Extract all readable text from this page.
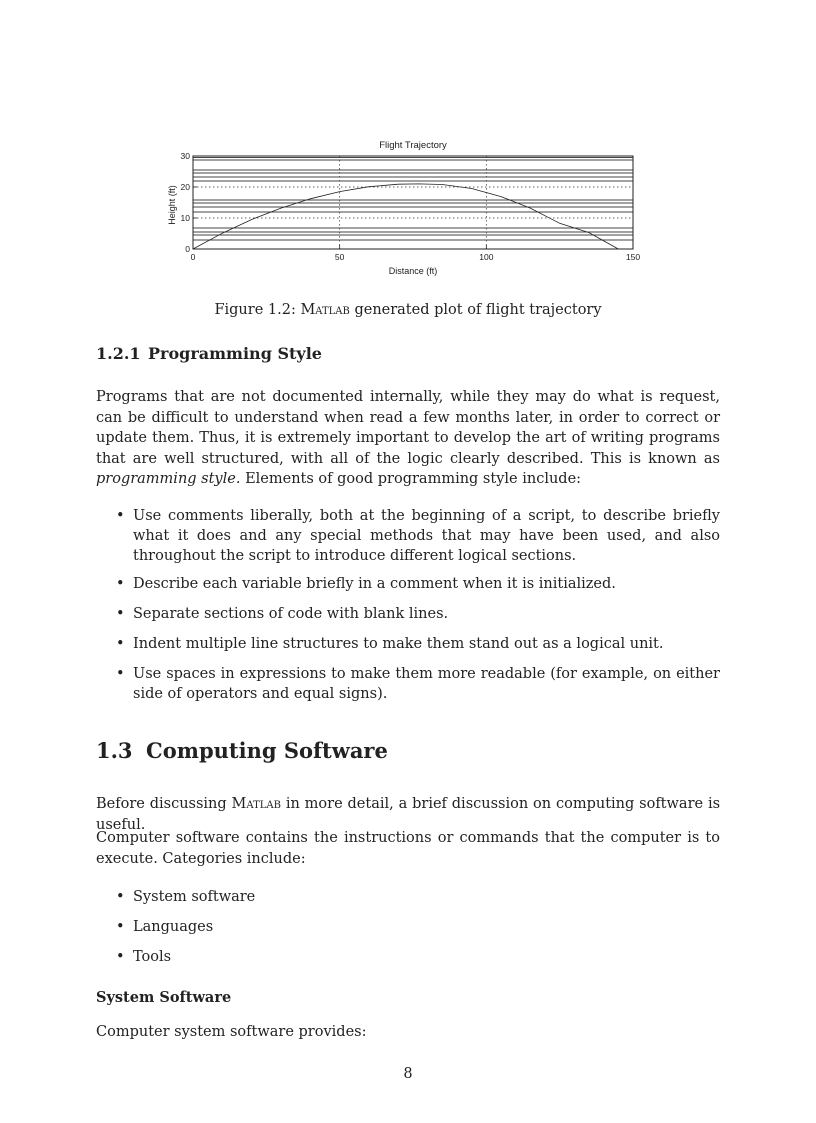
Flight Trajectory
Height (ft)
Distance (ft)
0	50	100	150
0
10
20
30
Figure 1.2: Matlab generated plot of flight trajectory
1.2.1 Programming Style

Programs that are not documented internally, while they may do what is request, can be difficult to understand when read a few months later, in order to correct or update them. Thus, it is extremely important to develop the art of writing programs that are well structured, with all of the logic clearly described. This is known as programming style. Elements of good programming style include:

• Use comments liberally, both at the beginning of a script, to describe briefly what it does and any special methods that may have been used, and also throughout the script to introduce different logical sections.
• Describe each variable briefly in a comment when it is initialized.
• Separate sections of code with blank lines.
• Indent multiple line structures to make them stand out as a logical unit.
• Use spaces in expressions to make them more readable (for example, on either side of operators and equal signs).
1.3 Computing Software

Before discussing Matlab in more detail, a brief discussion on computing software is useful.

Computer software contains the instructions or commands that the computer is to execute. Categories include:

• System software
• Languages
• Tools
System Software

Computer system software provides:

8
